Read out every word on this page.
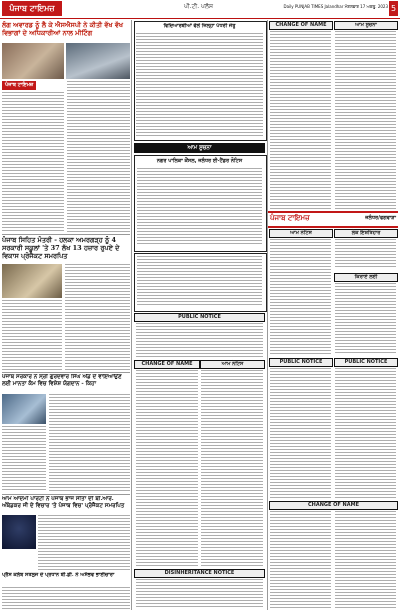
ਪੰਜਾਬ ਟਾਇਮਜ਼	ਪੀ.ਟੀ. ਪਲੱਸ	Daily PUNJAB TIMES Jalandhar ਮੰਗਲਵਾਰ 17 ਅਕਤੂ. 2023 5
ਲੰਗ ਅਵਾਰਡ ਨੂੰ ਲੈ ਕੇ ਐਸਐਸਪੀ ਨੇ ਕੀਤੀ ਵੱਖ ਵੱਖ ਵਿਭਾਗਾਂ ਦੇ ਅਧਿਕਾਰੀਆਂ ਨਾਲ ਮੀਟਿੰਗ
ਪੰਜਾਬ ਟਾਇਮਜ਼
ਪੰਜਾਬ ਸਿਹਿਤ ਮੰਤਰੀ - ਹਲਕਾ ਅਮਰਗੜ੍ਹ ਨੂੰ 4 ਸਰਕਾਰੀ ਸਕੂਲਾਂ 'ਤੇ 37 ਲੱਖ 13 ਹਜ਼ਾਰ ਰੁਪਏ ਦੇ ਵਿਕਾਸ ਪ੍ਰੋਜੈਕਟ ਸਮਰਪਿਤ
ਪੰਜਾਬ ਸਰਕਾਰ ਨੇ ਸ੍ਰੀ ਗੁਰਦਵਾਰ ਸਿੰਘ ਐਂਡ ਦੇ ਵਾਇਆਉਣ ਲਈ ਮਾਨਤਾ ਕੰਮ ਵਿਚ ਵਿਸ਼ੇਸ਼ ਯੋਗਦਾਨ - ਕਿਹਾ
ਆਮ ਆਦਮੀ ਪਾਰਟੀ ਨੇ ਪੰਜਾਬ ਭਾਜ ਸੀਤਾ ਦੀ ਬੀ.ਆਰ. ਅੰਬੇਡਕਰ ਜੀ ਦੇ ਵਿਚਾਰ 'ਤੇ ਪੰਜਾਬ ਵਿਚ' ਪ੍ਰੋਜੈਕਟ ਸਮਰਪਿਤ
ਪ੍ਰੈਸ ਕਲੱਬ ਸਤਲੁਜ ਦੇ ਪ੍ਰਧਾਨ ਬੀ.ਡੀ. ਨੇ ਅਸੰਭਵ ਭਾਈਚਾਰਾ
ਵਿਦਿਆਰਥੀਆਂ ਵੱਲੋਂ ਜਿਲ੍ਹਾ ਪੱਧਰੀ ਜੇਤੂ
ਆਮ ਸੂਚਨਾ
ਨਗਰ ਪਾਲਿਕਾ ਕੌਂਸਲ, ਜਲੰਧਰ ਈ-ਟੈਂਡਰ ਨੋਟਿਸ
PUBLIC NOTICE
CHANGE OF NAME	ਆਮ ਨੋਟਿਸ
DISINHERITANCE NOTICE
CHANGE OF NAME	ਆਮ ਸੂਚਨਾ
ਪੰਜਾਬ ਟਾਇਮਜ਼	ਜਲੰਧਰ/ਫਗਵਾੜਾ
ਆਮ ਨੋਟਿਸ	ਲੋਕ ਇਸ਼ਤਿਹਾਰ
ਕਿਰਾਏ ਲਈ
PUBLIC NOTICE	PUBLIC NOTICE
CHANGE OF NAME
